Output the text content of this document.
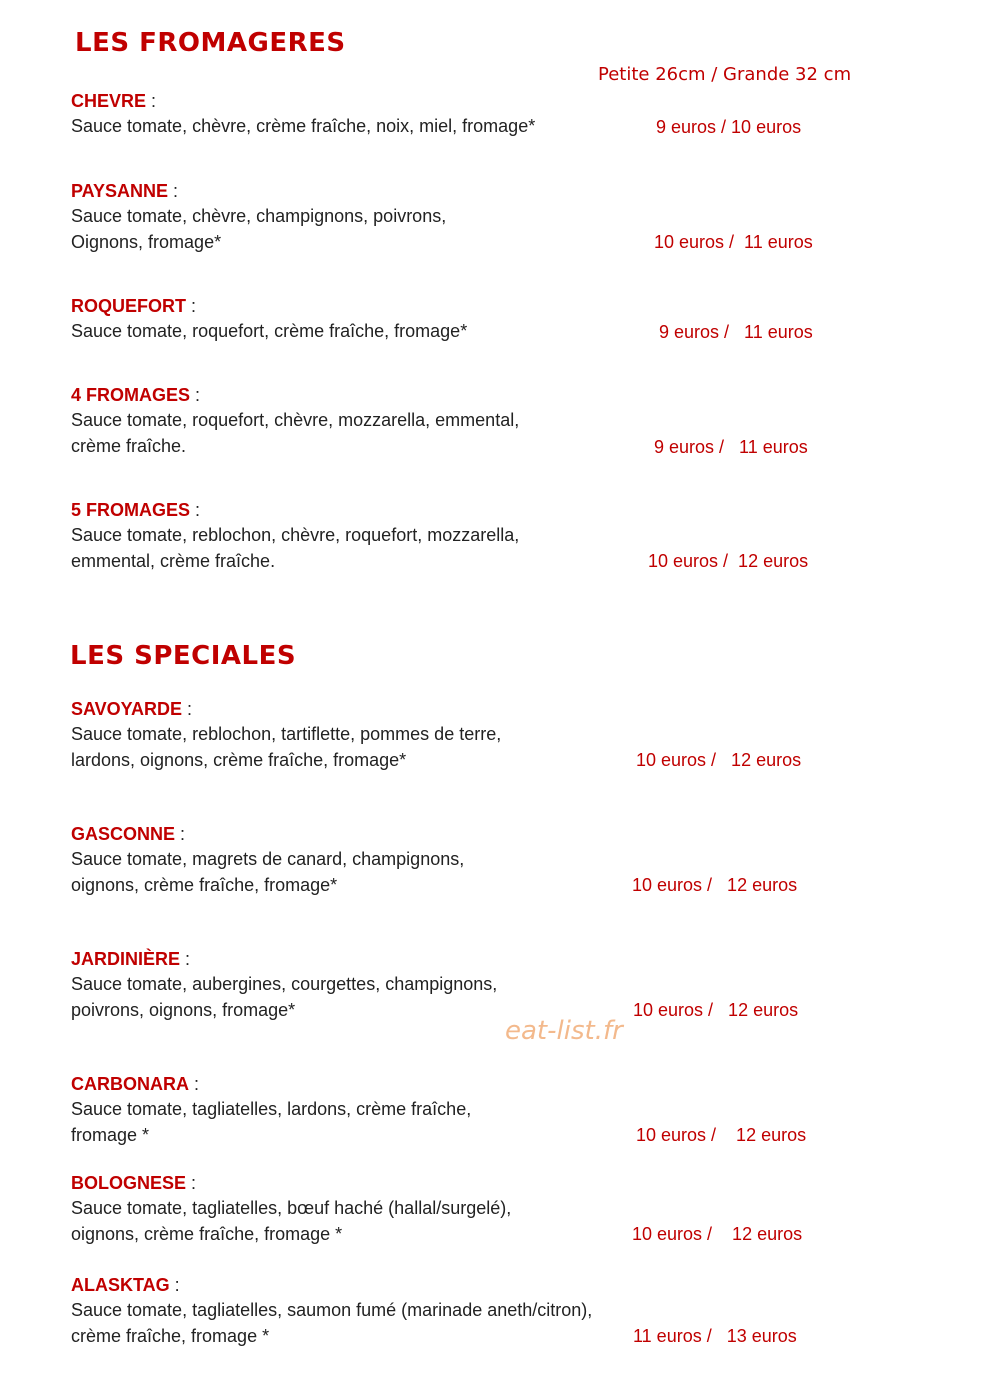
LES FROMAGERES
Petite 26cm / Grande 32 cm
CHEVRE :
Sauce tomate, chèvre, crème fraîche, noix, miel, fromage*	9 euros / 10 euros
PAYSANNE :
Sauce tomate, chèvre, champignons, poivrons,
Oignons, fromage*	10 euros /  11 euros
ROQUEFORT :
Sauce tomate, roquefort, crème fraîche, fromage*	9 euros /   11 euros
4 FROMAGES :
Sauce tomate, roquefort, chèvre, mozzarella, emmental,
crème fraîche.	9 euros /   11 euros
5 FROMAGES :
Sauce tomate, reblochon, chèvre, roquefort, mozzarella,
emmental, crème fraîche.	10 euros /  12 euros
LES SPECIALES
SAVOYARDE :
Sauce tomate, reblochon, tartiflette, pommes de terre,
lardons, oignons, crème fraîche, fromage*	10 euros /   12 euros
GASCONNE :
Sauce tomate, magrets de canard, champignons,
oignons, crème fraîche, fromage*	10 euros /   12 euros
JARDINIÈRE :
Sauce tomate, aubergines, courgettes, champignons,
poivrons, oignons, fromage*	10 euros /   12 euros
CARBONARA :
Sauce tomate, tagliatelles, lardons, crème fraîche,
fromage *	10 euros /    12 euros
BOLOGNESE :
Sauce tomate, tagliatelles, bœuf haché (hallal/surgelé),
oignons, crème fraîche, fromage *	10 euros /    12 euros
ALASKTAG :
Sauce tomate, tagliatelles, saumon fumé (marinade aneth/citron),
crème fraîche, fromage *	11 euros /   13 euros
eat-list.fr
